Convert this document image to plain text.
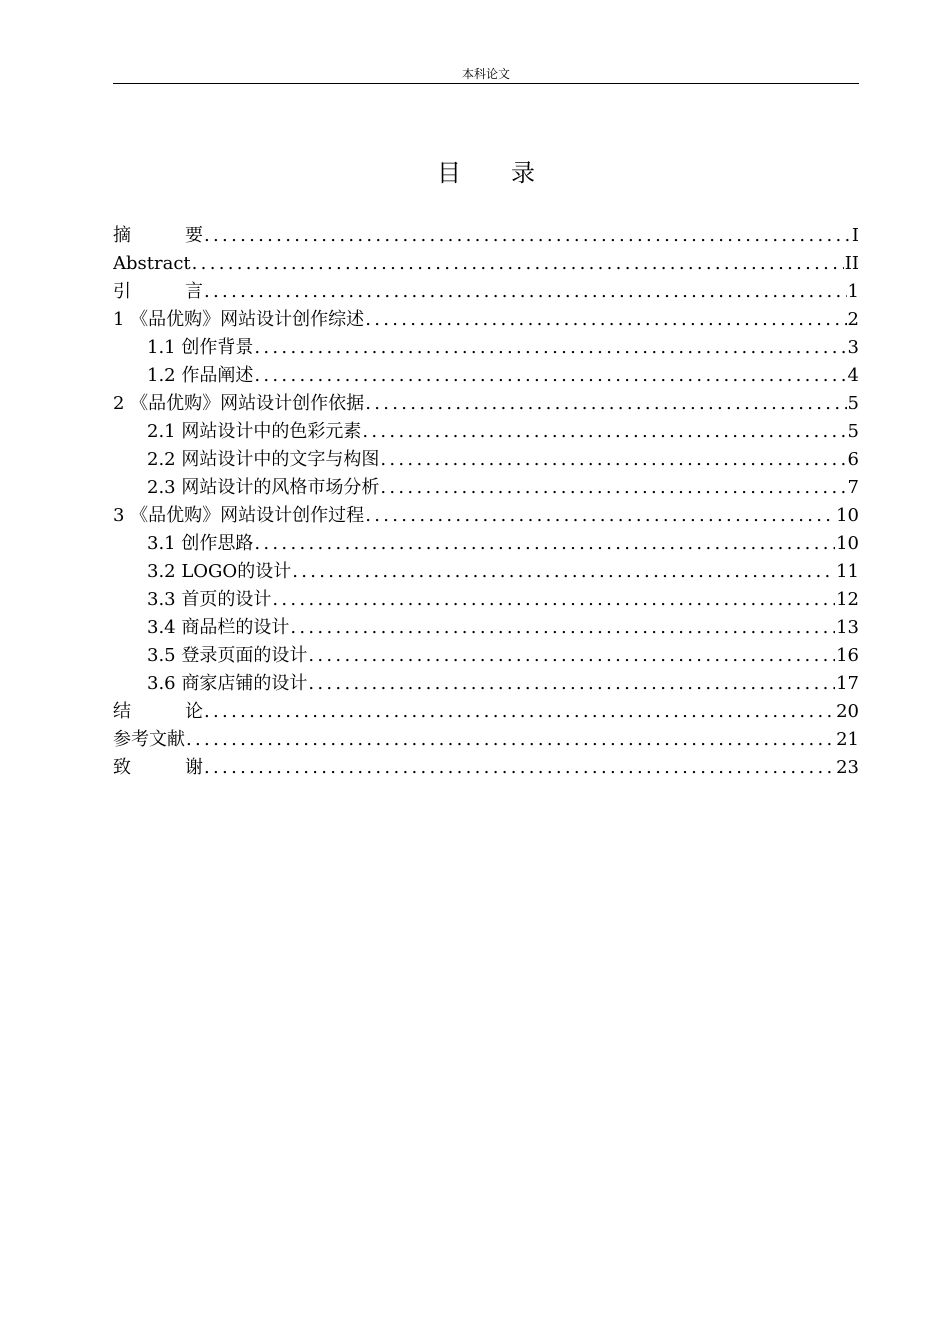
本科论文
目 录
摘	要 .....	I
Abstract .....	II
引	言 .....	1
1 《品优购》网站设计创作综述 .....	2
1.1 创作背景 .....	3
1.2 作品阐述 .....	4
2 《品优购》网站设计创作依据 .....	5
2.1 网站设计中的色彩元素 .....	5
2.2 网站设计中的文字与构图 .....	6
2.3 网站设计的风格市场分析 .....	7
3 《品优购》网站设计创作过程 .....	10
3.1 创作思路 .....	10
3.2 LOGO的设计 .....	11
3.3 首页的设计 .....	12
3.4 商品栏的设计 .....	13
3.5 登录页面的设计 .....	16
3.6 商家店铺的设计 .....	17
结	论 .....	20
参考文献 .....	21
致	谢 .....	23
